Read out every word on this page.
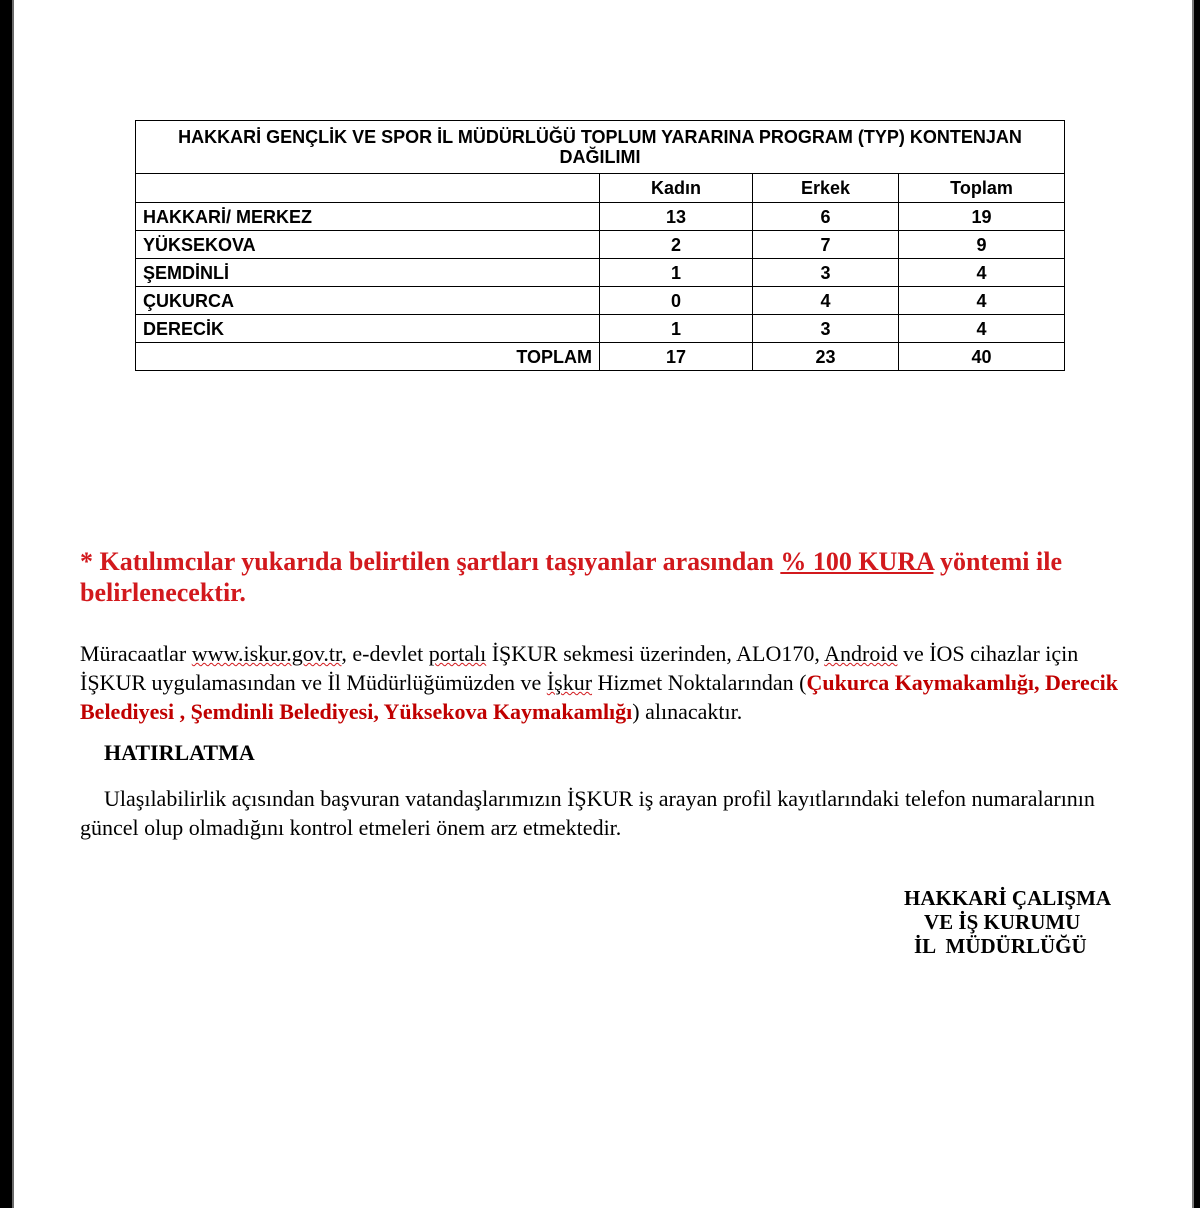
HAKKARİ GENÇLİK VE SPOR İL MÜDÜRLÜĞÜ TOPLUM YARARINA PROGRAM (TYP) KONTENJAN DAĞILIMI			
	Kadın	Erkek	Toplam
HAKKARİ/ MERKEZ	13	6	19
YÜKSEKOVA	2	7	9
ŞEMDİNLİ	1	3	4
ÇUKURCA	0	4	4
DERECİK	1	3	4
TOPLAM	17	23	40
* Katılımcılar yukarıda belirtilen şartları taşıyanlar arasından % 100 KURA yöntemi ile belirlenecektir.
Müracaatlar www.iskur.gov.tr, e-devlet portalı İŞKUR sekmesi üzerinden, ALO170, Android ve İOS cihazlar için İŞKUR uygulamasından ve İl Müdürlüğümüzden ve İşkur Hizmet Noktalarından (Çukurca Kaymakamlığı, Derecik Belediyesi , Şemdinli Belediyesi, Yüksekova Kaymakamlığı) alınacaktır.
HATIRLATMA
Ulaşılabilirlik açısından başvuran vatandaşlarımızın İŞKUR iş arayan profil kayıtlarındaki telefon numaralarının güncel olup olmadığını kontrol etmeleri önem arz etmektedir.
HAKKARİ ÇALIŞMA
VE İŞ KURUMU
İL  MÜDÜRLÜĞÜ
